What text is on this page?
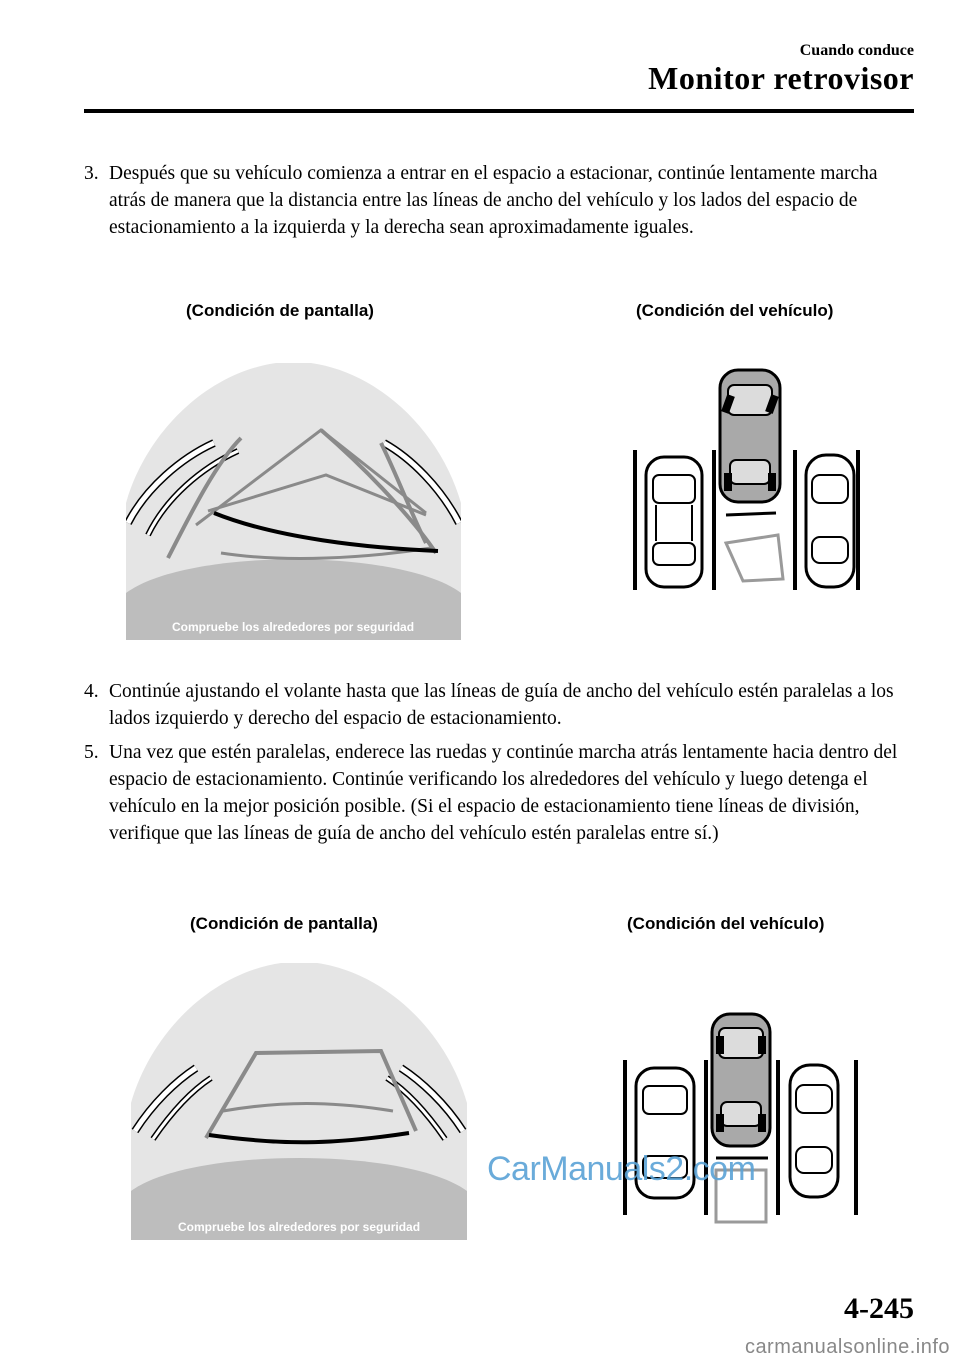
Cuando conduce
Monitor retrovisor
3. Después que su vehículo comienza a entrar en el espacio a estacionar, continúe lentamente marcha atrás de manera que la distancia entre las líneas de ancho del vehículo y los lados del espacio de estacionamiento a la izquierda y la derecha sean aproximadamente iguales.
(Condición de pantalla)	(Condición del vehículo)
Compruebe los alrededores por seguridad
4. Continúe ajustando el volante hasta que las líneas de guía de ancho del vehículo estén paralelas a los lados izquierdo y derecho del espacio de estacionamiento.
5. Una vez que estén paralelas, enderece las ruedas y continúe marcha atrás lentamente hacia dentro del espacio de estacionamiento. Continúe verificando los alrededores del vehículo y luego detenga el vehículo en la mejor posición posible. (Si el espacio de estacionamiento tiene líneas de división, verifique que las líneas de guía de ancho del vehículo estén paralelas entre sí.)
(Condición de pantalla)	(Condición del vehículo)
Compruebe los alrededores por seguridad
CarManuals2.com
4-245
carmanualsonline.info
